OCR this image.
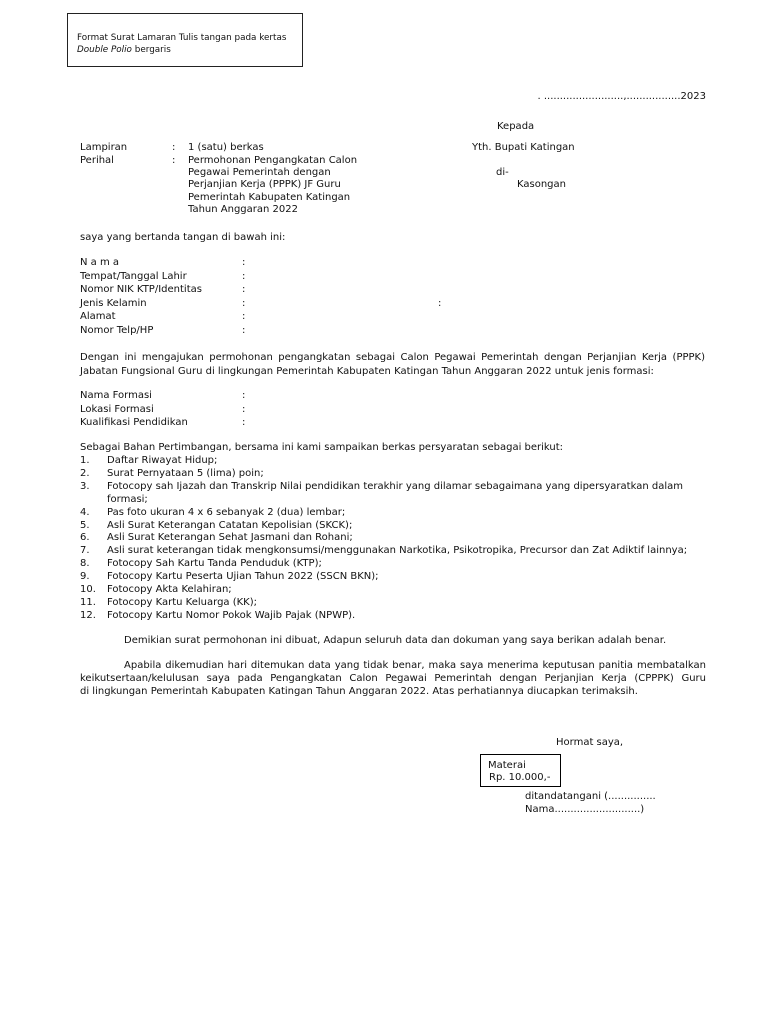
Format Surat Lamaran Tulis tangan pada kertas
Double Polio bergaris
. .........................,.................2023
Kepada
Yth. Bupati Katingan
di-
Kasongan
Lampiran	: 1 (satu) berkas
Perihal	: Permohonan Pengangkatan Calon
Pegawai Pemerintah dengan
Perjanjian Kerja (PPPK) JF Guru
Pemerintah Kabupaten Katingan
Tahun Anggaran 2022
saya yang bertanda tangan di bawah ini:
N a m a	:
Tempat/Tanggal Lahir	:
Nomor NIK KTP/Identitas	:
Jenis Kelamin	:	:
Alamat	:
Nomor Telp/HP	:
Dengan ini mengajukan permohonan pengangkatan sebagai Calon Pegawai Pemerintah dengan Perjanjian Kerja (PPPK)
Jabatan Fungsional Guru di lingkungan Pemerintah Kabupaten Katingan Tahun Anggaran 2022 untuk jenis formasi:
Nama Formasi	:
Lokasi Formasi	:
Kualifikasi Pendidikan	:
Sebagai Bahan Pertimbangan, bersama ini kami sampaikan berkas persyaratan sebagai berikut:
1. Daftar Riwayat Hidup;
2. Surat Pernyataan 5 (lima) poin;
3. Fotocopy sah Ijazah dan Transkrip Nilai pendidikan terakhir yang dilamar sebagaimana yang dipersyaratkan dalam
formasi;
4. Pas foto ukuran 4 x 6 sebanyak 2 (dua) lembar;
5. Asli Surat Keterangan Catatan Kepolisian (SKCK);
6. Asli Surat Keterangan Sehat Jasmani dan Rohani;
7. Asli surat keterangan tidak mengkonsumsi/menggunakan Narkotika, Psikotropika, Precursor dan Zat Adiktif lainnya;
8. Fotocopy Sah Kartu Tanda Penduduk (KTP);
9. Fotocopy Kartu Peserta Ujian Tahun 2022 (SSCN BKN);
10. Fotocopy Akta Kelahiran;
11. Fotocopy Kartu Keluarga (KK);
12. Fotocopy Kartu Nomor Pokok Wajib Pajak (NPWP).
Demikian surat permohonan ini dibuat, Adapun seluruh data dan dokuman yang saya berikan adalah benar.
Apabila dikemudian hari ditemukan data yang tidak benar, maka saya menerima keputusan panitia membatalkan
keikutsertaan/kelulusan saya pada Pengangkatan Calon Pegawai Pemerintah dengan Perjanjian Kerja (CPPPK) Guru
di lingkungan Pemerintah Kabupaten Katingan Tahun Anggaran 2022. Atas perhatiannya diucapkan terimaksih.
Hormat saya,
Materai
Rp. 10.000,-
ditandatangani (...............
Nama...........................)
